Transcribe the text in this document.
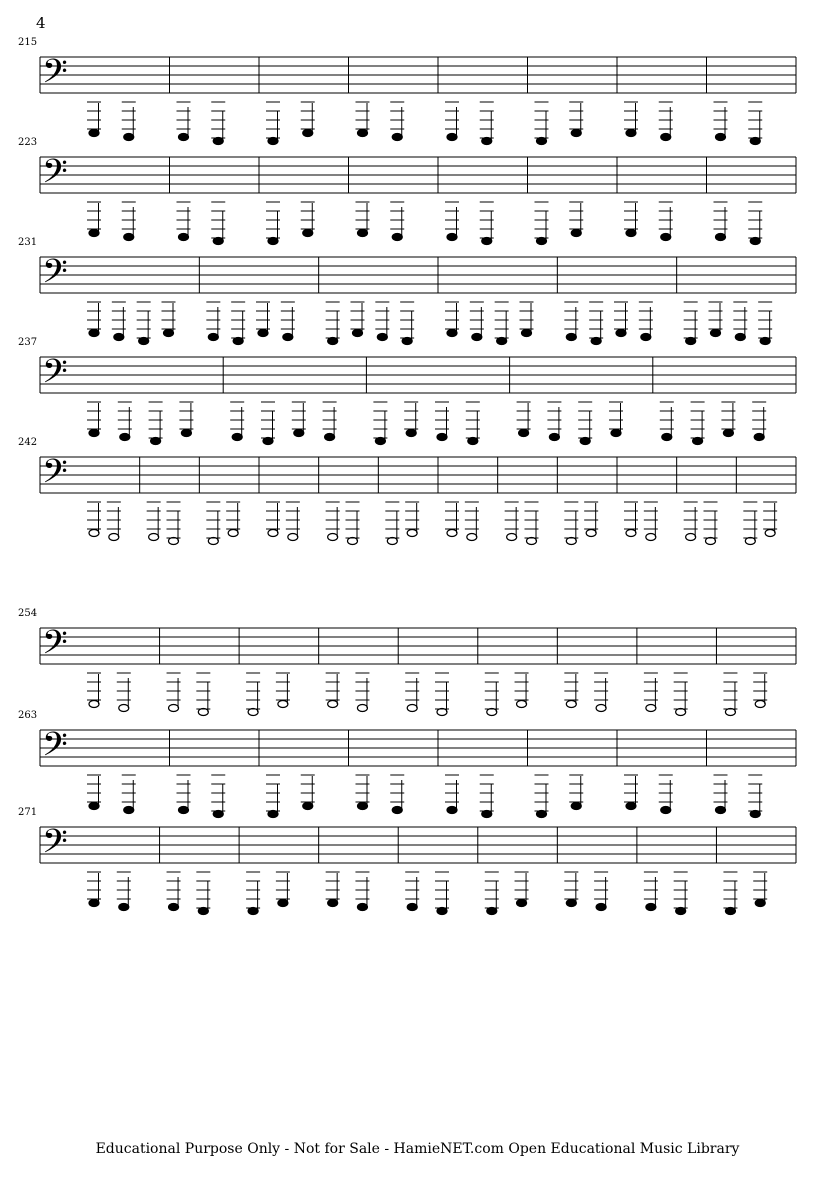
4
215
𝄢
223
𝄢
231
𝄢
237
𝄢
242
𝄢
254
𝄢
263
𝄢
271
𝄢
Educational Purpose Only - Not for Sale - HamieNET.com Open Educational Music Library
